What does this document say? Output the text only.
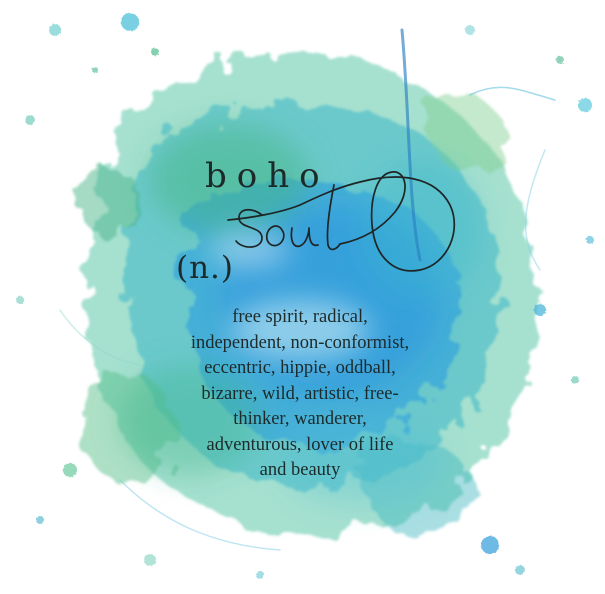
boho
(n.)
free spirit, radical,
independent, non-conformist,
eccentric, hippie, oddball,
bizarre, wild, artistic, free-
thinker, wanderer,
adventurous, lover of life
and beauty
